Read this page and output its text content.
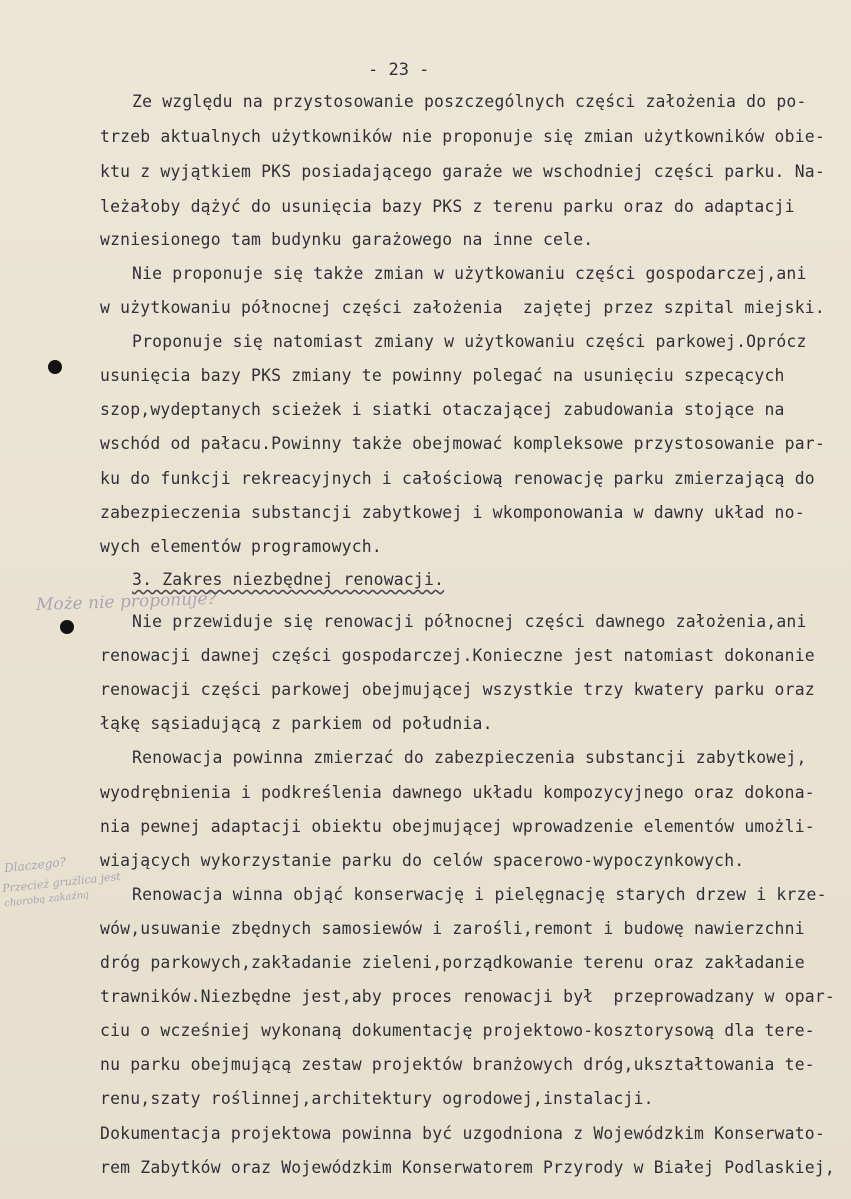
- 23 -
Może nie proponuje?
Dlaczego?
Przecież gruźlica jest
chorobą zakaźną
Ze względu na przystosowanie poszczególnych części założenia do po-
trzeb aktualnych użytkowników nie proponuje się zmian użytkowników obie-
ktu z wyjątkiem PKS posiadającego garaże we wschodniej części parku. Na-
leżałoby dążyć do usunięcia bazy PKS z terenu parku oraz do adaptacji
wzniesionego tam budynku garażowego na inne cele.
Nie proponuje się także zmian w użytkowaniu części gospodarczej,ani
w użytkowaniu północnej części założenia  zajętej przez szpital miejski.
Proponuje się natomiast zmiany w użytkowaniu części parkowej.Oprócz
usunięcia bazy PKS zmiany te powinny polegać na usunięciu szpecących
szop,wydeptanych scieżek i siatki otaczającej zabudowania stojące na
wschód od pałacu.Powinny także obejmować kompleksowe przystosowanie par-
ku do funkcji rekreacyjnych i całościową renowację parku zmierzającą do
zabezpieczenia substancji zabytkowej i wkomponowania w dawny układ no-
wych elementów programowych.
3. Zakres niezbędnej renowacji.
Nie przewiduje się renowacji północnej części dawnego założenia,ani
renowacji dawnej części gospodarczej.Konieczne jest natomiast dokonanie
renowacji części parkowej obejmującej wszystkie trzy kwatery parku oraz
łąkę sąsiadującą z parkiem od południa.
Renowacja powinna zmierzać do zabezpieczenia substancji zabytkowej,
wyodrębnienia i podkreślenia dawnego układu kompozycyjnego oraz dokona-
nia pewnej adaptacji obiektu obejmującej wprowadzenie elementów umożli-
wiających wykorzystanie parku do celów spacerowo-wypoczynkowych.
Renowacja winna objąć konserwację i pielęgnację starych drzew i krze-
wów,usuwanie zbędnych samosiewów i zarośli,remont i budowę nawierzchni
dróg parkowych,zakładanie zieleni,porządkowanie terenu oraz zakładanie
trawników.Niezbędne jest,aby proces renowacji był  przeprowadzany w opar-
ciu o wcześniej wykonaną dokumentację projektowo-kosztorysową dla tere-
nu parku obejmującą zestaw projektów branżowych dróg,ukształtowania te-
renu,szaty roślinnej,architektury ogrodowej,instalacji.
Dokumentacja projektowa powinna być uzgodniona z Wojewódzkim Konserwato-
rem Zabytków oraz Wojewódzkim Konserwatorem Przyrody w Białej Podlaskiej,
